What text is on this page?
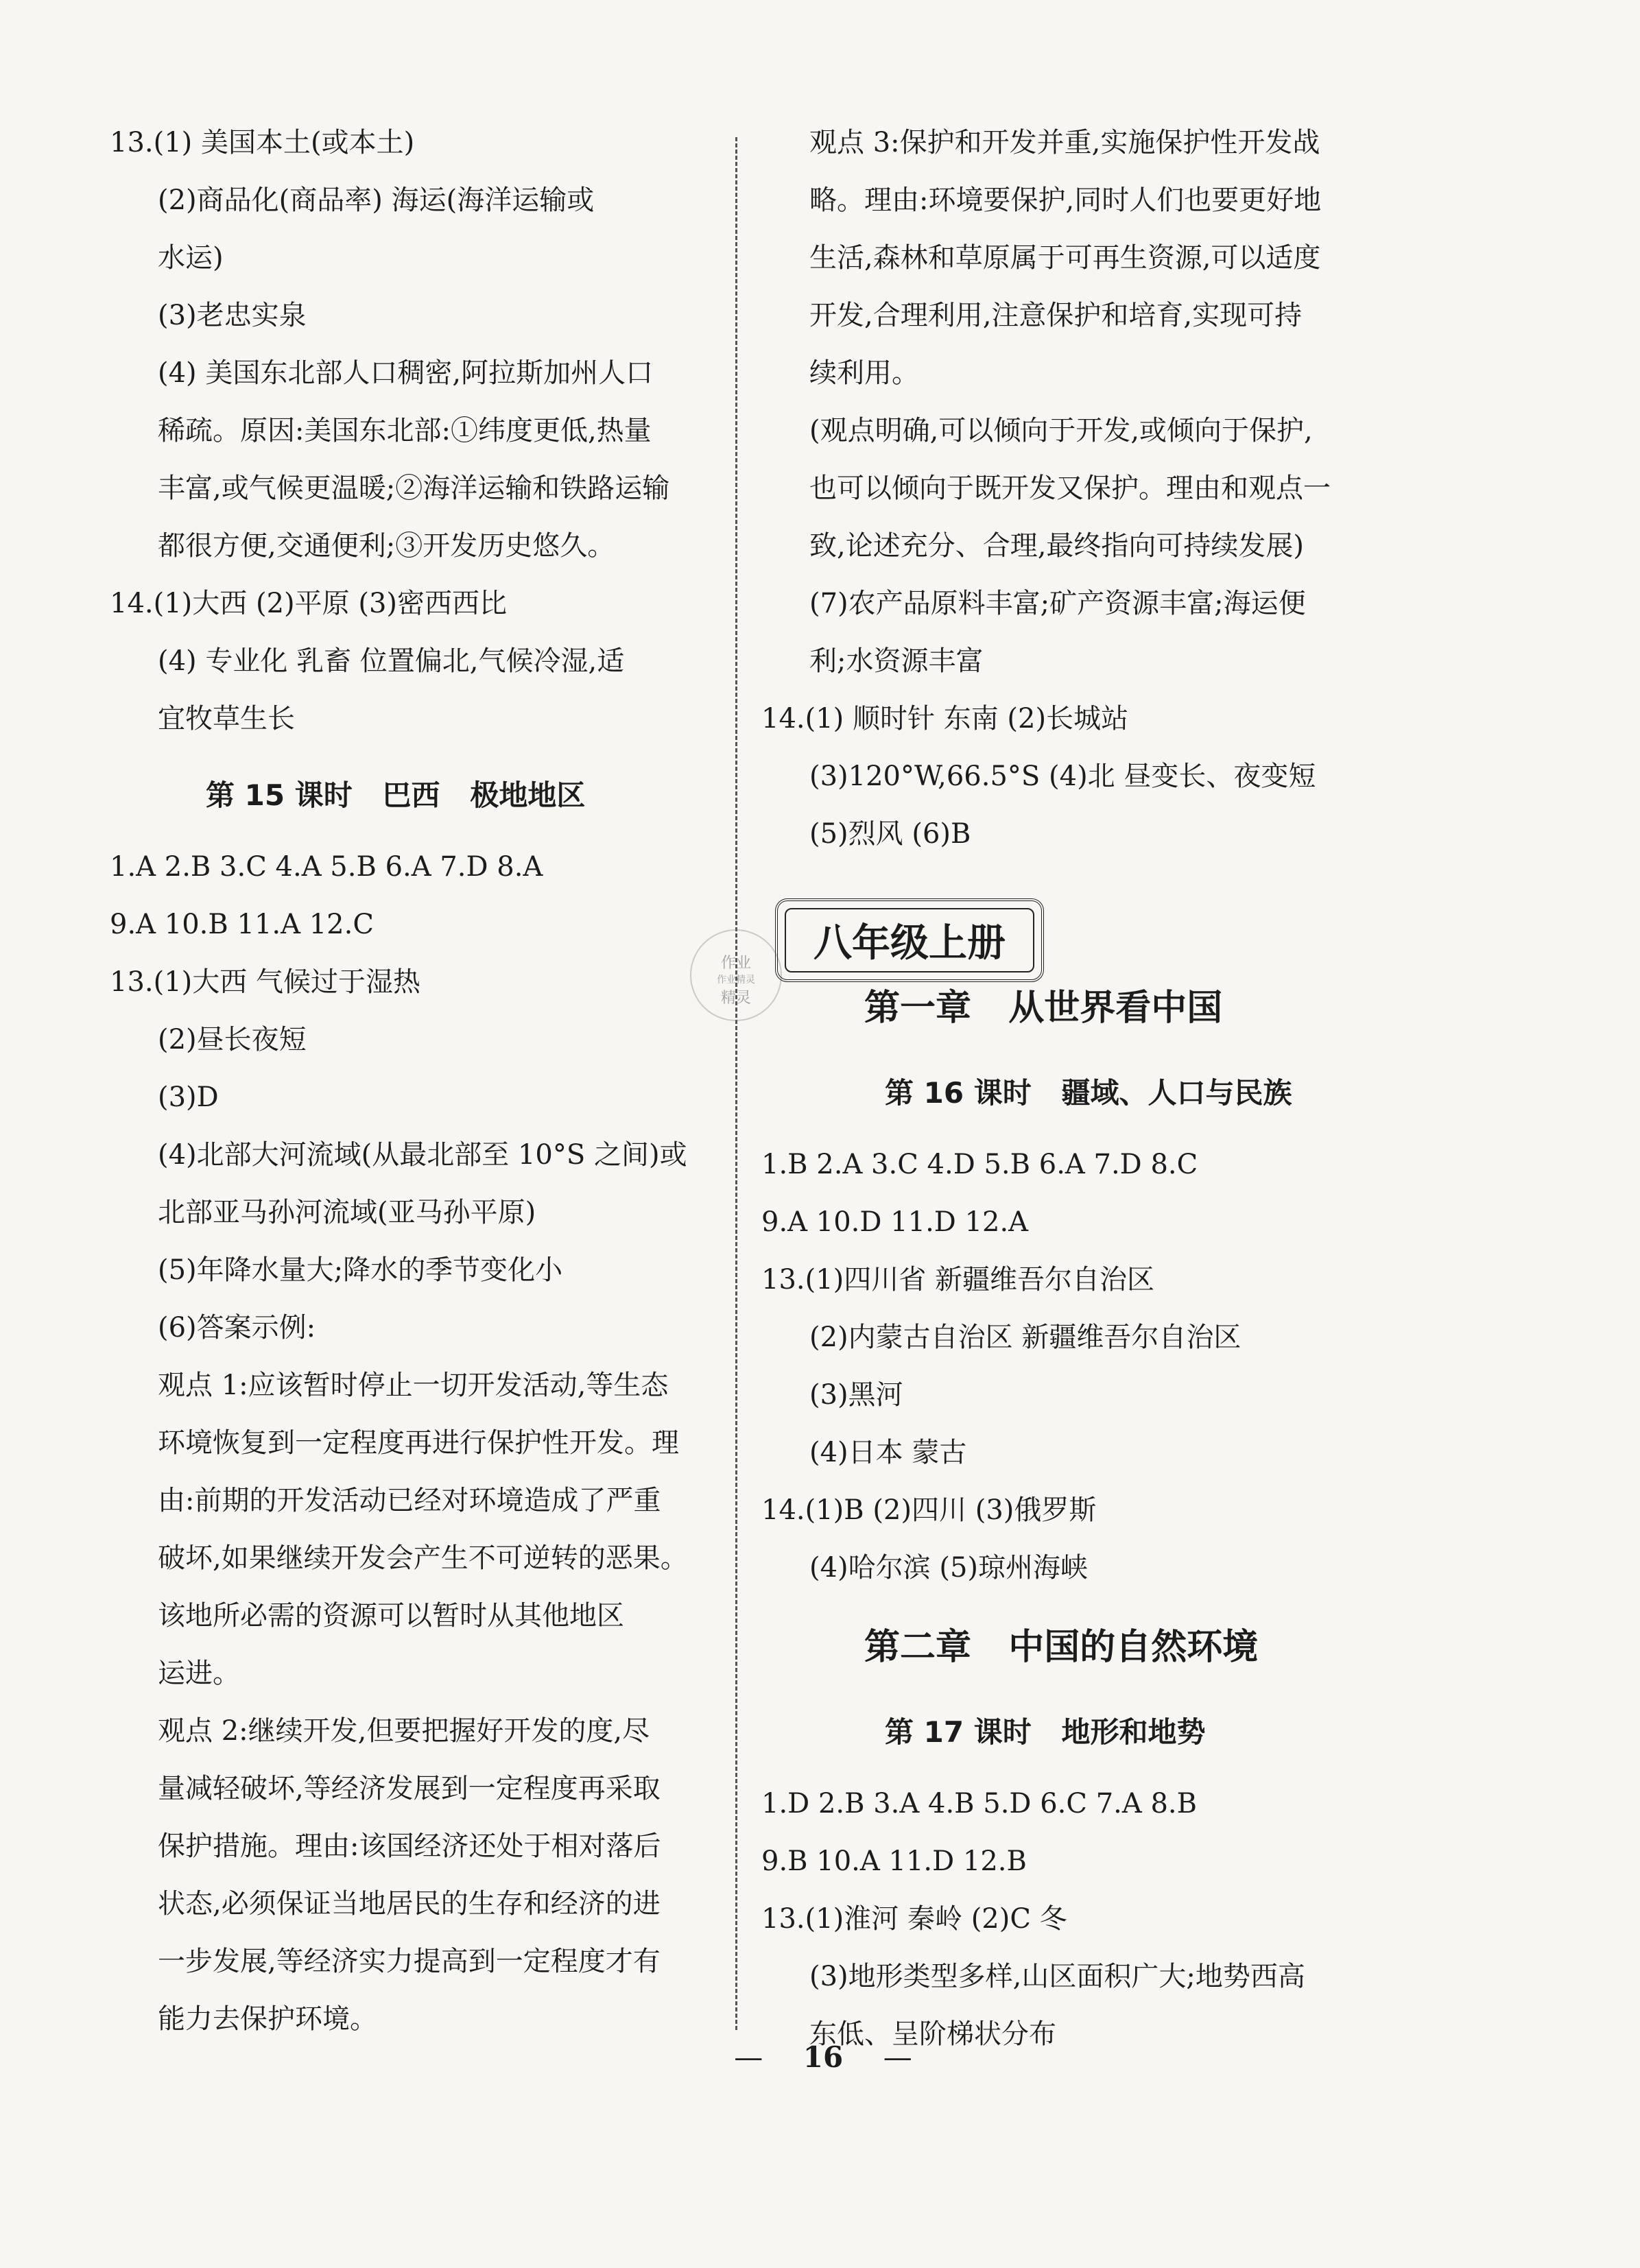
13.(1) 美国本土(或本土)
(2)商品化(商品率) 海运(海洋运输或
水运)
(3)老忠实泉
(4) 美国东北部人口稠密,阿拉斯加州人口
稀疏。原因:美国东北部:①纬度更低,热量
丰富,或气候更温暖;②海洋运输和铁路运输
都很方便,交通便利;③开发历史悠久。
14.(1)大西 (2)平原 (3)密西西比
(4) 专业化 乳畜 位置偏北,气候冷湿,适
宜牧草生长
第 15 课时   巴西   极地地区
1.A 2.B 3.C 4.A 5.B 6.A 7.D 8.A
9.A 10.B 11.A 12.C
13.(1)大西 气候过于湿热
(2)昼长夜短
(3)D
(4)北部大河流域(从最北部至 10°S 之间)或
北部亚马孙河流域(亚马孙平原)
(5)年降水量大;降水的季节变化小
(6)答案示例:
观点 1:应该暂时停止一切开发活动,等生态
环境恢复到一定程度再进行保护性开发。理
由:前期的开发活动已经对环境造成了严重
破坏,如果继续开发会产生不可逆转的恶果。
该地所必需的资源可以暂时从其他地区
运进。
观点 2:继续开发,但要把握好开发的度,尽
量减轻破坏,等经济发展到一定程度再采取
保护措施。理由:该国经济还处于相对落后
状态,必须保证当地居民的生存和经济的进
一步发展,等经济实力提高到一定程度才有
能力去保护环境。
观点 3:保护和开发并重,实施保护性开发战
略。理由:环境要保护,同时人们也要更好地
生活,森林和草原属于可再生资源,可以适度
开发,合理利用,注意保护和培育,实现可持
续利用。
(观点明确,可以倾向于开发,或倾向于保护,
也可以倾向于既开发又保护。理由和观点一
致,论述充分、合理,最终指向可持续发展)
(7)农产品原料丰富;矿产资源丰富;海运便
利;水资源丰富
14.(1) 顺时针 东南 (2)长城站
(3)120°W,66.5°S (4)北 昼变长、夜变短
(5)烈风 (6)B
第一章   从世界看中国
第 16 课时   疆域、人口与民族
1.B 2.A 3.C 4.D 5.B 6.A 7.D 8.C
9.A 10.D 11.D 12.A
13.(1)四川省 新疆维吾尔自治区
(2)内蒙古自治区 新疆维吾尔自治区
(3)黑河
(4)日本 蒙古
14.(1)B (2)四川 (3)俄罗斯
(4)哈尔滨 (5)琼州海峡
第二章   中国的自然环境
第 17 课时   地形和地势
1.D 2.B 3.A 4.B 5.D 6.C 7.A 8.B
9.B 10.A 11.D 12.B
13.(1)淮河 秦岭 (2)C 冬
(3)地形类型多样,山区面积广大;地势西高
东低、呈阶梯状分布
作业
作业精灵
精灵
八年级上册
— 16 —
